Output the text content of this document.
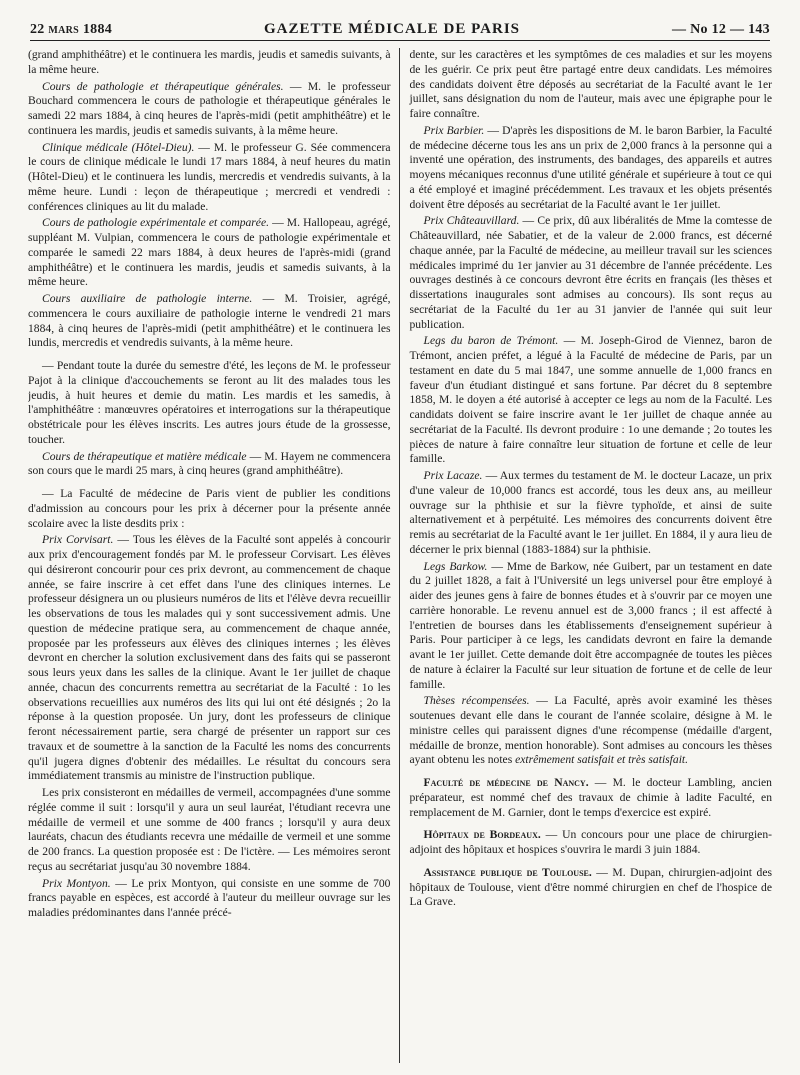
22 mars 1884	GAZETTE MÉDICALE DE PARIS	— No 12 — 143

(grand amphithéâtre) et le continuera les mardis, jeudis et samedis suivants, à la même heure.

Cours de pathologie et thérapeutique générales. — M. le professeur Bouchard commencera le cours de pathologie et thérapeutique générales le samedi 22 mars 1884, à cinq heures de l'après-midi (petit amphithéâtre) et le continuera les mardis, jeudis et samedis suivants, à la même heure.

Clinique médicale (Hôtel-Dieu). — M. le professeur G. Sée commencera le cours de clinique médicale le lundi 17 mars 1884, à neuf heures du matin (Hôtel-Dieu) et le continuera les lundis, mercredis et vendredis suivants, à la même heure. Lundi : leçon de thérapeutique ; mercredi et vendredi : conférences cliniques au lit du malade.

Cours de pathologie expérimentale et comparée. — M. Hallopeau, agrégé, suppléant M. Vulpian, commencera le cours de pathologie expérimentale et comparée le samedi 22 mars 1884, à deux heures de l'après-midi (grand amphithéâtre) et le continuera les mardis, jeudis et samedis suivants, à la même heure.

Cours auxiliaire de pathologie interne. — M. Troisier, agrégé, commencera le cours auxiliaire de pathologie interne le vendredi 21 mars 1884, à cinq heures de l'après-midi (petit amphithéâtre) et le continuera les lundis, mercredis et vendredis suivants, à la même heure.

— Pendant toute la durée du semestre d'été, les leçons de M. le professeur Pajot à la clinique d'accouchements se feront au lit des malades tous les jeudis, à huit heures et demie du matin. Les mardis et les samedis, à l'amphithéâtre : manœuvres opératoires et interrogations sur la thérapeutique obstétricale pour les élèves inscrits. Les autres jours étude de la grossesse, toucher.

Cours de thérapeutique et matière médicale — M. Hayem ne commencera son cours que le mardi 25 mars, à cinq heures (grand amphithéâtre).

— La Faculté de médecine de Paris vient de publier les conditions d'admission au concours pour les prix à décerner pour la présente année scolaire avec la liste desdits prix :

Prix Corvisart. — Tous les élèves de la Faculté sont appelés à concourir aux prix d'encouragement fondés par M. le professeur Corvisart. Les élèves qui désireront concourir pour ces prix devront, au commencement de chaque année, se faire inscrire à cet effet dans l'une des cliniques internes. Le professeur désignera un ou plusieurs numéros de lits et l'élève devra recueillir les observations de tous les malades qui y sont successivement admis. Une question de médecine pratique sera, au commencement de chaque année, proposée par les professeurs aux élèves des cliniques internes ; les élèves devront en chercher la solution exclusivement dans des faits qui se passeront sous leurs yeux dans les salles de la clinique. Avant le 1er juillet de chaque année, chacun des concurrents remettra au secrétariat de la Faculté : 1o les observations recueillies aux numéros des lits qui lui ont été désignés ; 2o la réponse à la question proposée. Un jury, dont les professeurs de clinique feront nécessairement partie, sera chargé de présenter un rapport sur ces travaux et de soumettre à la sanction de la Faculté les noms des concurrents qu'il jugera dignes d'obtenir des médailles. Le résultat du concours sera immédiatement transmis au ministre de l'instruction publique.

Les prix consisteront en médailles de vermeil, accompagnées d'une somme réglée comme il suit : lorsqu'il y aura un seul lauréat, l'étudiant recevra une médaille de vermeil et une somme de 400 francs ; lorsqu'il y aura deux lauréats, chacun des étudiants recevra une médaille de vermeil et une somme de 200 francs. La question proposée est : De l'ictère. — Les mémoires seront reçus au secrétariat jusqu'au 30 novembre 1884.

Prix Montyon. — Le prix Montyon, qui consiste en une somme de 700 francs payable en espèces, est accordé à l'auteur du meilleur ouvrage sur les maladies prédominantes dans l'année précé-

dente, sur les caractères et les symptômes de ces maladies et sur les moyens de les guérir. Ce prix peut être partagé entre deux candidats. Les mémoires des candidats doivent être déposés au secrétariat de la Faculté avant le 1er juillet, sans désignation du nom de l'auteur, mais avec une épigraphe pour le faire connaître.

Prix Barbier. — D'après les dispositions de M. le baron Barbier, la Faculté de médecine décerne tous les ans un prix de 2,000 francs à la personne qui a inventé une opération, des instruments, des bandages, des appareils et autres moyens mécaniques reconnus d'une utilité générale et supérieure à tout ce qui a été employé et imaginé précédemment. Les travaux et les objets présentés doivent être déposés au secrétariat de la Faculté avant le 1er juillet.

Prix Châteauvillard. — Ce prix, dû aux libéralités de Mme la comtesse de Châteauvillard, née Sabatier, et de la valeur de 2.000 francs, est décerné chaque année, par la Faculté de médecine, au meilleur travail sur les sciences médicales imprimé du 1er janvier au 31 décembre de l'année précédente. Les ouvrages destinés à ce concours devront être écrits en français (les thèses et dissertations inaugurales sont admises au concours). Ils sont reçus au secrétariat de la Faculté du 1er au 31 janvier de l'année qui suit leur publication.

Legs du baron de Trémont. — M. Joseph-Girod de Viennez, baron de Trémont, ancien préfet, a légué à la Faculté de médecine de Paris, par un testament en date du 5 mai 1847, une somme annuelle de 1,000 francs en faveur d'un étudiant distingué et sans fortune. Par décret du 8 septembre 1858, M. le doyen a été autorisé à accepter ce legs au nom de la Faculté. Les candidats doivent se faire inscrire avant le 1er juillet de chaque année au secrétariat de la Faculté. Ils devront produire : 1o une demande ; 2o toutes les pièces de nature à faire connaître leur situation de fortune et celle de leur famille.

Prix Lacaze. — Aux termes du testament de M. le docteur Lacaze, un prix d'une valeur de 10,000 francs est accordé, tous les deux ans, au meilleur ouvrage sur la phthisie et sur la fièvre typhoïde, et ainsi de suite alternativement et à perpétuité. Les mémoires des concurrents doivent être remis au secrétariat de la Faculté avant le 1er juillet. En 1884, il y aura lieu de décerner le prix biennal (1883-1884) sur la phthisie.

Legs Barkow. — Mme de Barkow, née Guibert, par un testament en date du 2 juillet 1828, a fait à l'Université un legs universel pour être employé à aider des jeunes gens à faire de bonnes études et à s'ouvrir par ce moyen une carrière honorable. Le revenu annuel est de 3,000 francs ; il est affecté à l'entretien de bourses dans les établissements d'enseignement supérieur à Paris. Pour participer à ce legs, les candidats devront en faire la demande avant le 1er juillet. Cette demande doit être accompagnée de toutes les pièces de nature à éclairer la Faculté sur leur situation de fortune et de celle de leur famille.

Thèses récompensées. — La Faculté, après avoir examiné les thèses soutenues devant elle dans le courant de l'année scolaire, désigne à M. le ministre celles qui paraissent dignes d'une récompense (médaille d'argent, médaille de bronze, mention honorable). Sont admises au concours les thèses ayant obtenu les notes extrêmement satisfait et très satisfait.

Faculté de médecine de Nancy. — M. le docteur Lambling, ancien préparateur, est nommé chef des travaux de chimie à ladite Faculté, en remplacement de M. Garnier, dont le temps d'exercice est expiré.

Hôpitaux de Bordeaux. — Un concours pour une place de chirurgien-adjoint des hôpitaux et hospices s'ouvrira le mardi 3 juin 1884.

Assistance publique de Toulouse. — M. Dupan, chirurgien-adjoint des hôpitaux de Toulouse, vient d'être nommé chirurgien en chef de l'hospice de La Grave.
